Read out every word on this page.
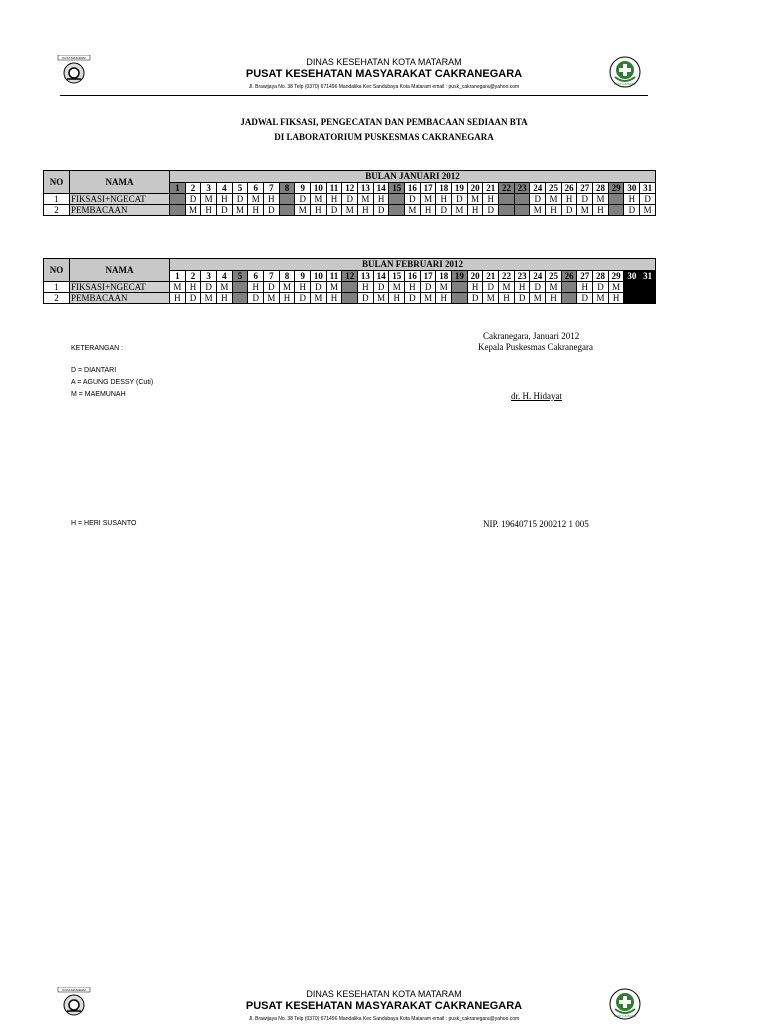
KOTA MATARAM	DINAS KESEHATAN KOTA MATARAM
PUSAT KESEHATAN MASYARAKAT CAKRANEGARA
Jl. Brawijaya No. 38 Telp (0370) 671496 Mandalika Kec Sandubaya Kota Mataram email : pusk_cakranegara@yahoo.com	BAKTI HUSADA
JADWAL FIKSASI, PENGECATAN DAN PEMBACAAN SEDIAAN BTA
DI LABORATORIUM PUSKESMAS CAKRANEGARA
NO	NAMA	BULAN JANUARI 2012																														
		1	2	3	4	5	6	7	8	9	10	11	12	13	14	15	16	17	18	19	20	21	22	23	24	25	26	27	28	29	30	31
1	FIKSASI+NGECAT		D	M	H	D	M	H		D	M	H	D	M	H		D	M	H	D	M	H			D	M	H	D	M		H	D
2	PEMBACAAN		M	H	D	M	H	D		M	H	D	M	H	D		M	H	D	M	H	D			M	H	D	M	H		D	M
NO	NAMA	BULAN FEBRUARI 2012																														
		1	2	3	4	5	6	7	8	9	10	11	12	13	14	15	16	17	18	19	20	21	22	23	24	25	26	27	28	29	30	31
1	FIKSASI+NGECAT	M	H	D	M		H	D	M	H	D	M		H	D	M	H	D	M		H	D	M	H	D	M		H	D	M		
2	PEMBACAAN	H	D	M	H		D	M	H	D	M	H		D	M	H	D	M	H		D	M	H	D	M	H		D	M	H		
KETERANGAN :
D = DIANTARI
A = AGUNG DESSY (Cuti)
M = MAEMUNAH
H = HERI SUSANTO
Cakranegara, Januari 2012
Kepala Puskesmas Cakranegara
dr. H. Hidayat
NIP. 19640715 200212 1 005
KOTA MATARAM	DINAS KESEHATAN KOTA MATARAM
PUSAT KESEHATAN MASYARAKAT CAKRANEGARA
Jl. Brawijaya No. 38 Telp (0370) 671496 Mandalika Kec Sandubaya Kota Mataram email : pusk_cakranegara@yahoo.com	BAKTI HUSADA
